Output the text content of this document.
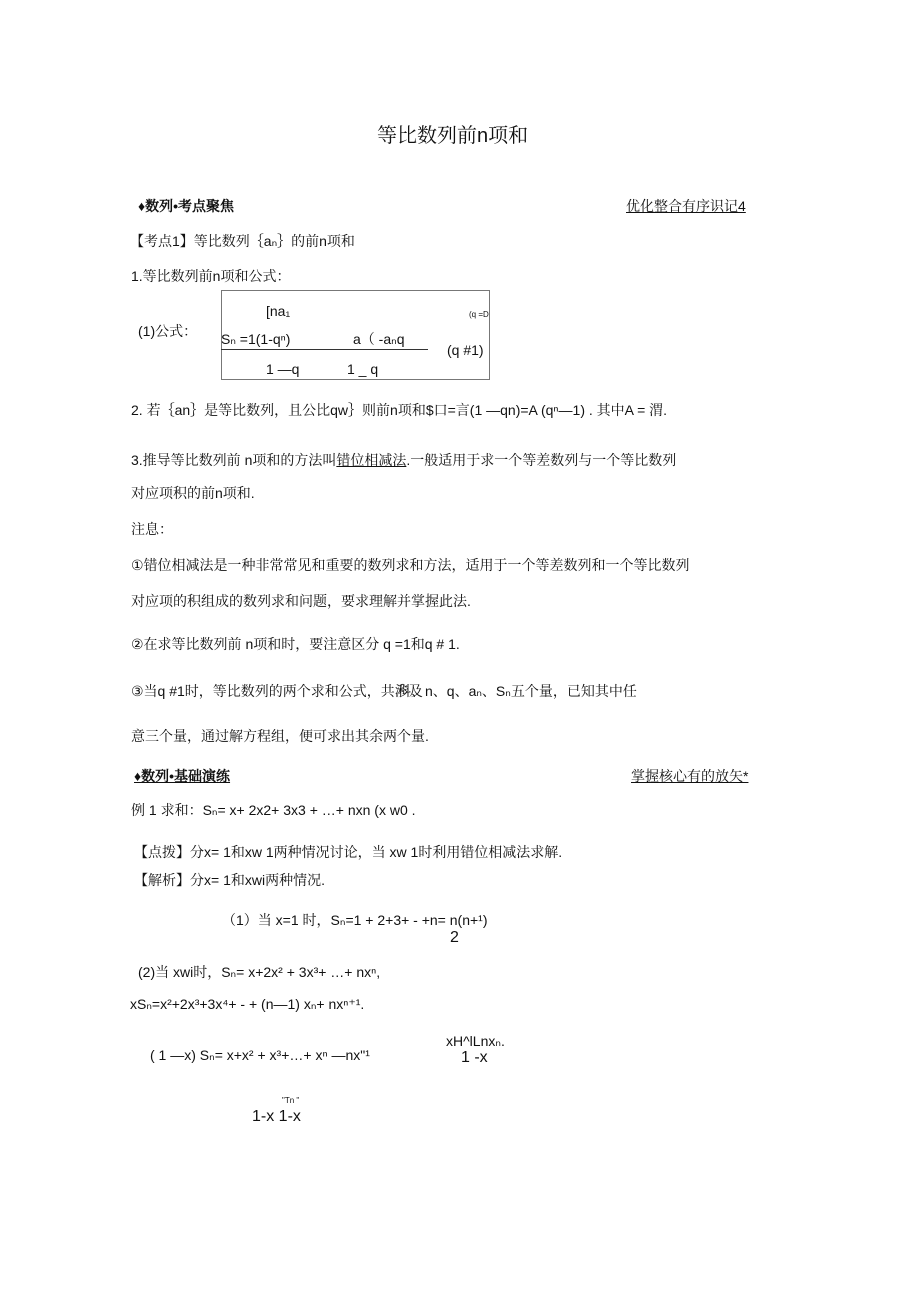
等比数列前n项和
♦数列•考点聚焦	优化整合有序识记4
【考点1】等比数列｛aₙ｝的前n项和
1.等比数列前n项和公式：
(1)公式：
[na₁	(q =D
Sₙ =1(1-qⁿ)	a（ -aₙq
(q #1)
1 —q	1 _ q
2. 若｛an｝是等比数列，且公比qw｝则前n项和$口=言(1 —qn)=A (qⁿ—1) . 其中A = 渭.
3.推导等比数列前 n项和的方法叫错位相减法.一般适用于求一个等差数列与一个等比数列
对应项积的前n项和.
注息：
①错位相减法是一种非常常见和重要的数列求和方法，适用于一个等差数列和一个等比数列
对应项的积组成的数列求和问题，要求理解并掌握此法.
②在求等比数列前 n项和时，要注意区分 q =1和q # 1.
③当q #1时，等比数列的两个求和公式，共涉及
科、n、q、aₙ、Sₙ五个量，已知其中任
意三个量，通过解方程组，便可求出其余两个量.
♦数列•基础演练	掌握核心有的放矢*
例 1 求和：Sₙ= x+ 2x2+ 3x3 + …+ nxn (x w0 .
【点拨】分x= 1和xw 1两种情况讨论，当 xw 1时利用错位相减法求解.
【解析】分x= 1和xwi两种情况.
（1）当 x=1 时，Sₙ=1 + 2+3+ - +n= n(n+¹)
2
(2)当 xwi时，Sₙ= x+2x² + 3x³+ …+ nxⁿ,
xSₙ=x²+2x³+3x⁴+ - + (n—1) xₙ+ nxⁿ⁺¹.
xH^lLnxₙ.
( 1 —x) Sₙ= x+x² + x³+…+ xⁿ —nx"¹	1 -x
"Tn "
1-x 1-x
